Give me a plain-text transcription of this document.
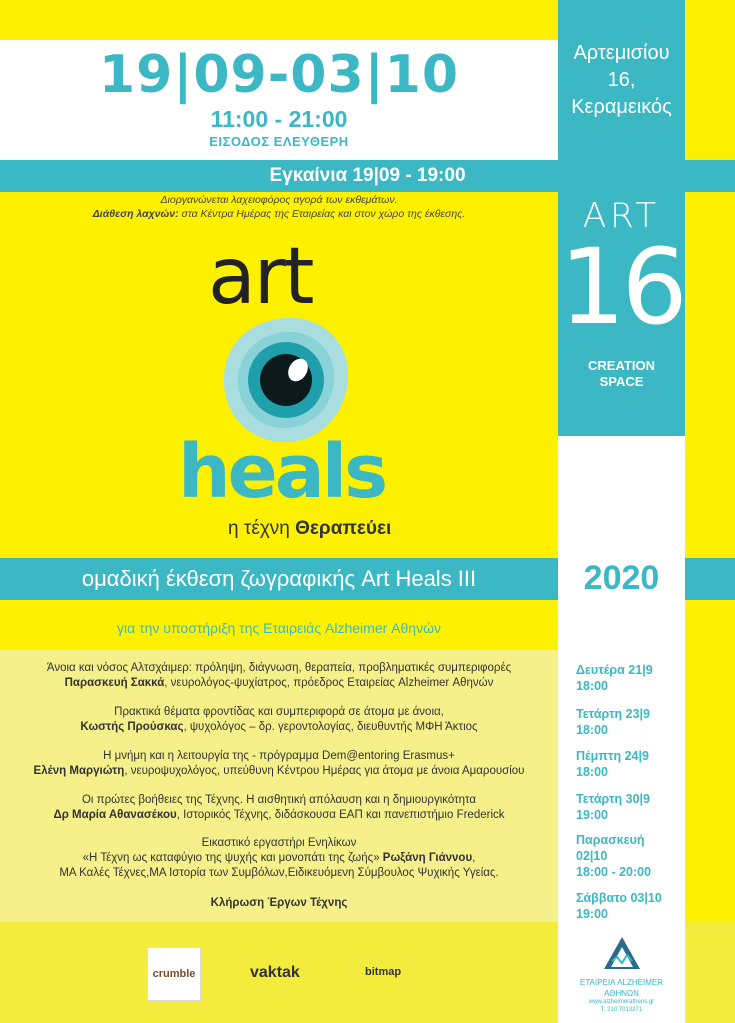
19|09-03|10
11:00 - 21:00
ΕΙΣΟΔΟΣ ΕΛΕΥΘΕΡΗ
Αρτεμισίου
16,
Κεραμεικός
Εγκαίνια 19|09 - 19:00
Διοργανώνεται λαχειοφόρος αγορά των εκθεμάτων.
Διάθεση λαχνών: στα Κέντρα Ημέρας της Εταιρείας και στον χώρο της έκθεσης.
art
heals
η τέχνη Θεραπεύει
ART
16
CREATION
SPACE
ομαδική έκθεση ζωγραφικής Art Heals III	2020
για την υποστήριξη της Εταιρειάς Alzheimer Αθηνών
Άνοια και νόσος Αλτσχάιμερ: πρόληψη, διάγνωση, θεραπεία, προβληματικές συμπεριφορές
Παρασκευή Σακκά, νευρολόγος-ψυχίατρος, πρόεδρος Εταιρείας Alzheimer Αθηνών
Πρακτικά θέματα φροντίδας και συμπεριφορά σε άτομα με άνοια,
Κωστής Προύσκας, ψυχολόγος – δρ. γεροντολογίας, διευθυντής ΜΦΗ Άκτιος
Η μνήμη και η λειτουργία της - πρόγραμμα Dem@entoring Erasmus+
Ελένη Μαργιώτη, νευροψυχολόγος, υπεύθυνη Κέντρου Ημέρας για άτομα με άνοια Αμαρουσίου
Οι πρώτες βοήθειες της Τέχνης. Η αισθητική απόλαυση και η δημιουργικότητα
Δρ Μαρία Αθανασέκου, Ιστορικός Τέχνης, διδάσκουσα ΕΑΠ και πανεπιστήμιο Frederick
Εικαστικό εργαστήρι Ενηλίκων
«Η Τέχνη ως καταφύγιο της ψυχής και μονοπάτι της ζωής» Ρωξάνη Γιάννου,
ΜΑ Καλές Τέχνες,ΜΑ Ιστορία των Συμβόλων,Ειδικευόμενη Σύμβουλος Ψυχικής Υγείας.
Κλήρωση Έργων Τέχνης
Δευτέρα 21|9
18:00
Τετάρτη 23|9
18:00
Πέμπτη 24|9
18:00
Τετάρτη 30|9
19:00
Παρασκευή
02|10
18:00 - 20:00
Σάββατο 03|10
19:00
crumble	vaktak	bitmap
ΕΤΑΙΡΕΙΑ ALZHEIMER
ΑΘΗΝΩΝ
www.alzheimerathens.gr
T. 210 7013271
